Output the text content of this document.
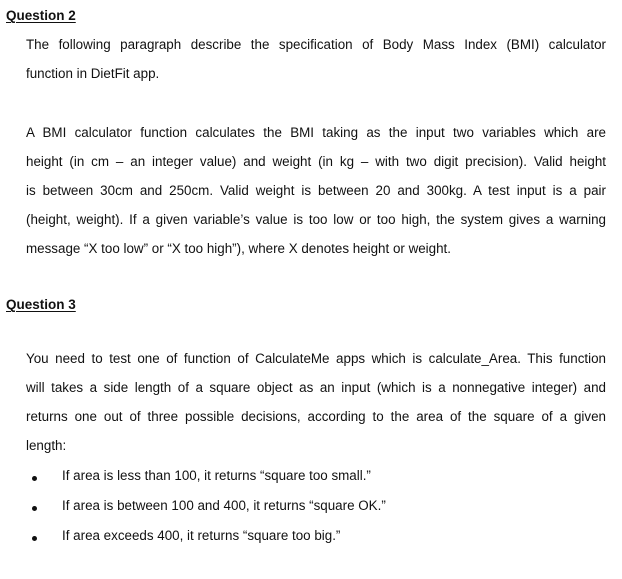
Question 2
The following paragraph describe the specification of Body Mass Index (BMI) calculator
function in DietFit app.
A BMI calculator function calculates the BMI taking as the input two variables which are
height (in cm – an integer value) and weight (in kg – with two digit precision). Valid height
is between 30cm and 250cm. Valid weight is between 20 and 300kg. A test input is a pair
(height, weight). If a given variable’s value is too low or too high, the system gives a warning
message “X too low” or “X too high”), where X denotes height or weight.
Question 3
You need to test one of function of CalculateMe apps which is calculate_Area. This function
will takes a side length of a square object as an input (which is a nonnegative integer) and
returns one out of three possible decisions, according to the area of the square of a given
length:
If area is less than 100, it returns “square too small.”
If area is between 100 and 400, it returns “square OK.”
If area exceeds 400, it returns “square too big.”
